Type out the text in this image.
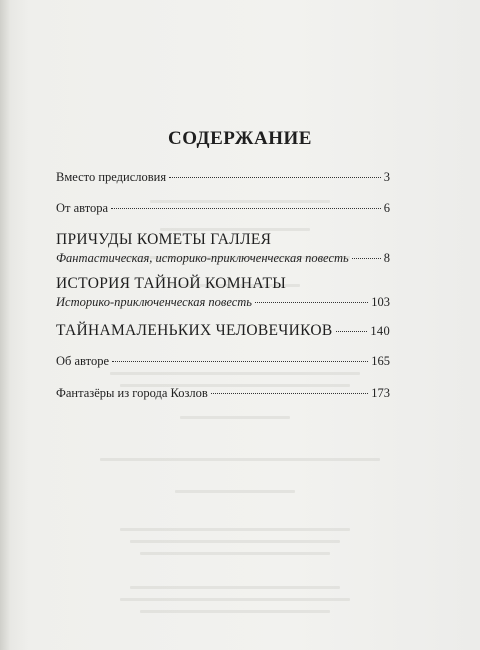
СОДЕРЖАНИЕ
Вместо предисловия	3
От автора	6
ПРИЧУДЫ КОМЕТЫ ГАЛЛЕЯ
Фантастическая, историко-приключенческая повесть	8
ИСТОРИЯ ТАЙНОЙ КОМНАТЫ
Историко-приключенческая повесть	103
ТАЙНАМАЛЕНЬКИХ ЧЕЛОВЕЧИКОВ	140
Об авторе	165
Фантазёры из города Козлов	173
